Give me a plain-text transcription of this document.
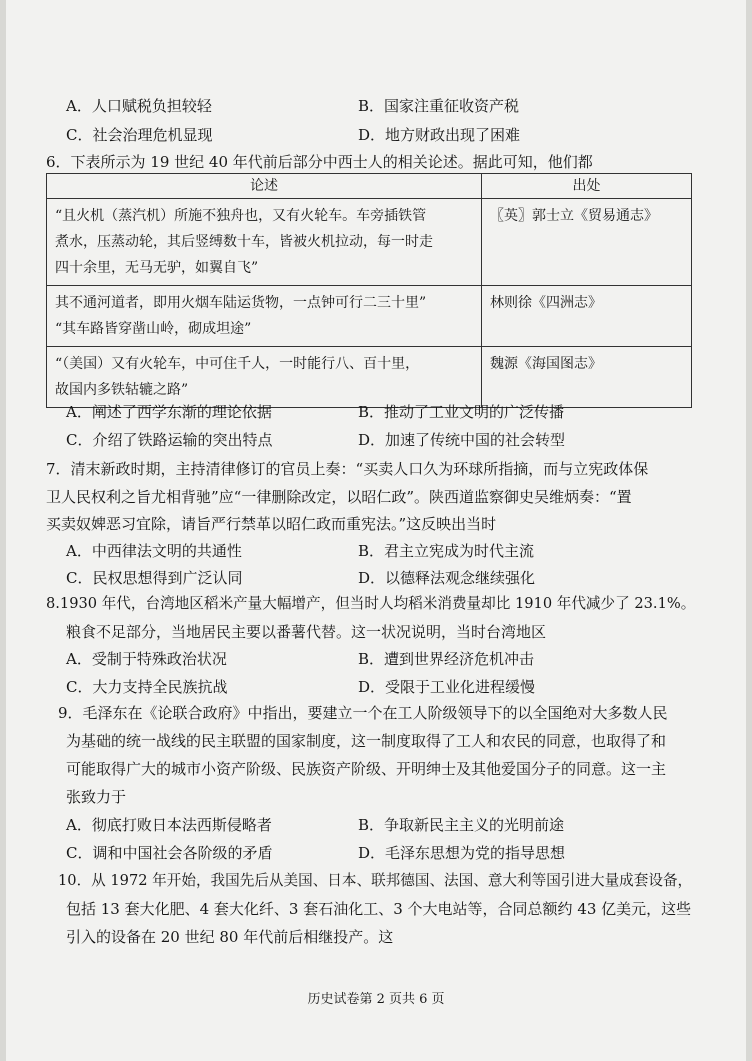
A．人口赋税负担较轻	B．国家注重征收资产税
C．社会治理危机显现	D．地方财政出现了困难
6．下表所示为 19 世纪 40 年代前后部分中西士人的相关论述。据此可知，他们都
论述	出处

“且火机（蒸汽机）所施不独舟也，又有火轮车。车旁插铁管
煮水，压蒸动轮，其后竖缚数十车，皆被火机拉动，每一时走
四十余里，无马无驴，如翼自飞”	〖英〗郭士立《贸易通志》

其不通河道者，即用火烟车陆运货物，一点钟可行二三十里”
“其车路皆穿凿山岭，砌成坦途”	林则徐《四洲志》

“（美国）又有火轮车，中可住千人，一时能行八、百十里，
故国内多铁轱辘之路”	魏源《海国图志》
A．阐述了西学东渐的理论依据	B．推动了工业文明的广泛传播
C．介绍了铁路运输的突出特点	D．加速了传统中国的社会转型
7．清末新政时期，主持清律修订的官员上奏：“买卖人口久为环球所指摘，而与立宪政体保
卫人民权利之旨尤相背驰”应“一律删除改定，以昭仁政”。陕西道监察御史吴维炳奏：“置
买卖奴婢恶习宜除，请旨严行禁革以昭仁政而重宪法。”这反映出当时
A．中西律法文明的共通性	B．君主立宪成为时代主流
C．民权思想得到广泛认同	D．以德释法观念继续强化
8.1930 年代，台湾地区稻米产量大幅增产，但当时人均稻米消费量却比 1910 年代减少了 23.1%。
粮食不足部分，当地居民主要以番薯代替。这一状况说明，当时台湾地区
A．受制于特殊政治状况	B．遭到世界经济危机冲击
C．大力支持全民族抗战	D．受限于工业化进程缓慢
9．毛泽东在《论联合政府》中指出，要建立一个在工人阶级领导下的以全国绝对大多数人民
为基础的统一战线的民主联盟的国家制度，这一制度取得了工人和农民的同意，也取得了和
可能取得广大的城市小资产阶级、民族资产阶级、开明绅士及其他爱国分子的同意。这一主
张致力于
A．彻底打败日本法西斯侵略者	B．争取新民主主义的光明前途
C．调和中国社会各阶级的矛盾	D．毛泽东思想为党的指导思想
10．从 1972 年开始，我国先后从美国、日本、联邦德国、法国、意大利等国引进大量成套设备，
包括 13 套大化肥、4 套大化纤、3 套石油化工、3 个大电站等，合同总额约 43 亿美元，这些
引入的设备在 20 世纪 80 年代前后相继投产。这
历史试卷第 2 页共 6 页
